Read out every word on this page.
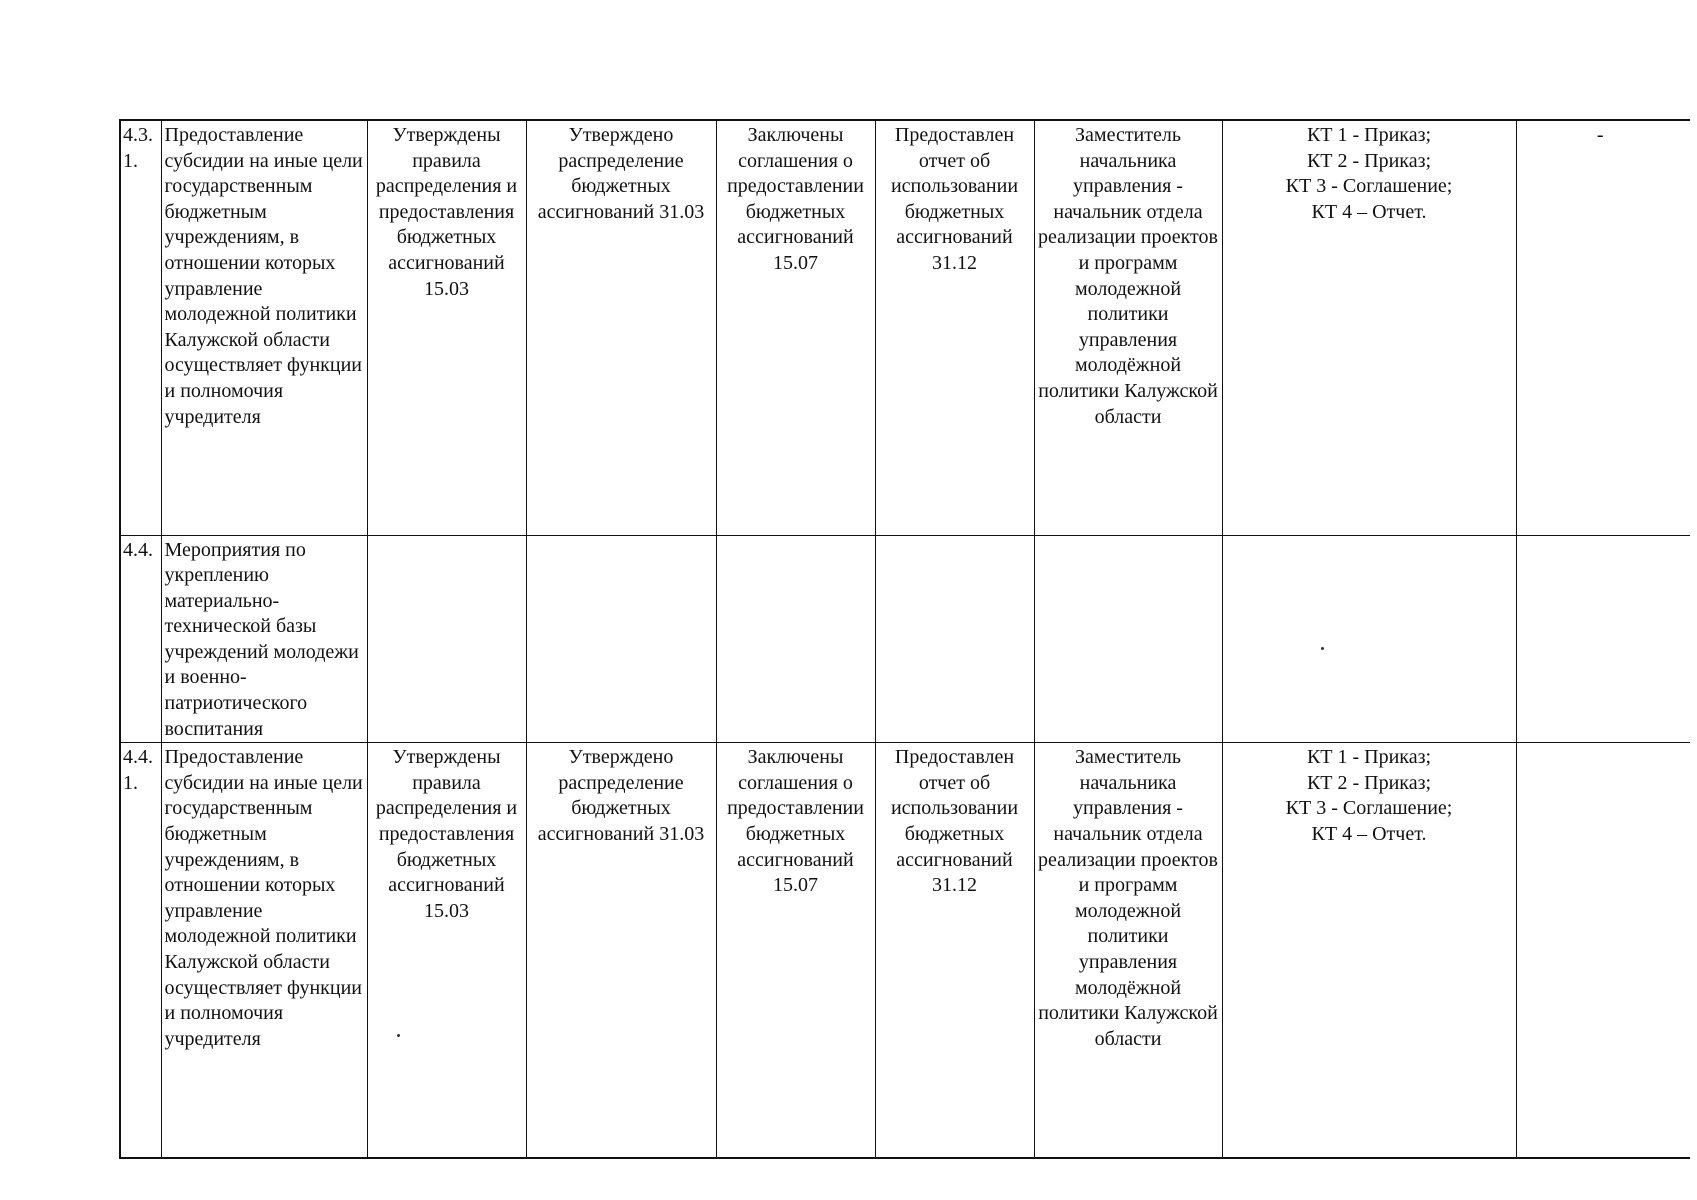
4.3.1.	Предоставление субсидии на иные цели государственным бюджетным учреждениям, в отношении которых управление молодежной политики Калужской области осуществляет функции и полномочия учредителя	Утверждены правила распределения и предоставления бюджетных ассигнований 15.03	Утверждено распределение бюджетных ассигнований 31.03	Заключены соглашения о предоставлении бюджетных ассигнований 15.07	Предоставлен отчет об использовании бюджетных ассигнований 31.12	Заместитель начальника управления - начальник отдела реализации проектов и программ молодежной политики управления молодёжной политики Калужской области	КТ 1 - Приказ;
КТ 2 - Приказ;
КТ 3 - Соглашение;
КТ 4 – Отчет.	-

4.4.	Мероприятия по укреплению материально-технической базы учреждений молодежи и военно-патриотического воспитания							
4.4.1.	Предоставление субсидии на иные цели государственным бюджетным учреждениям, в отношении которых управление молодежной политики Калужской области осуществляет функции и полномочия учредителя	Утверждены правила распределения и предоставления бюджетных ассигнований 15.03	Утверждено распределение бюджетных ассигнований 31.03	Заключены соглашения о предоставлении бюджетных ассигнований 15.07	Предоставлен отчет об использовании бюджетных ассигнований 31.12	Заместитель начальника управления - начальник отдела реализации проектов и программ молодежной политики управления молодёжной политики Калужской области	КТ 1 - Приказ;
КТ 2 - Приказ;
КТ 3 - Соглашение;
КТ 4 – Отчет.	
